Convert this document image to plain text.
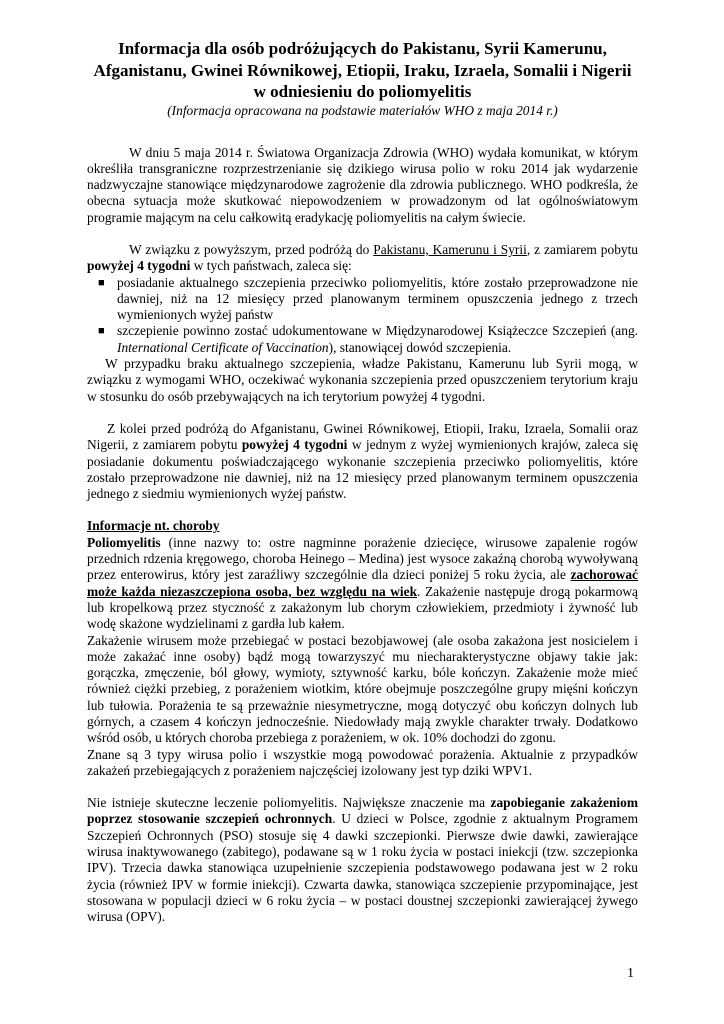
Informacja dla osób podróżujących do Pakistanu, Syrii Kamerunu,
Afganistanu, Gwinei Równikowej, Etiopii, Iraku, Izraela, Somalii i Nigerii
w odniesieniu do poliomyelitis
(Informacja opracowana na podstawie materiałów WHO z maja 2014 r.)

W dniu 5 maja 2014 r. Światowa Organizacja Zdrowia (WHO) wydała komunikat, w którym określiła transgraniczne rozprzestrzenianie się dzikiego wirusa polio w roku 2014 jak wydarzenie nadzwyczajne stanowiące międzynarodowe zagrożenie dla zdrowia publicznego. WHO podkreśla, że obecna sytuacja może skutkować niepowodzeniem w prowadzonym od lat ogólnoświatowym programie mającym na celu całkowitą eradykację poliomyelitis na całym świecie.

W związku z powyższym, przed podróżą do Pakistanu, Kamerunu i Syrii, z zamiarem pobytu powyżej 4 tygodni w tych państwach, zaleca się:

■ posiadanie aktualnego szczepienia przeciwko poliomyelitis, które zostało przeprowadzone nie dawniej, niż na 12 miesięcy przed planowanym terminem opuszczenia jednego z trzech wymienionych wyżej państw
■ szczepienie powinno zostać udokumentowane w Międzynarodowej Książeczce Szczepień (ang. International Certificate of Vaccination), stanowiącej dowód szczepienia.

W przypadku braku aktualnego szczepienia, władze Pakistanu, Kamerunu lub Syrii mogą, w związku z wymogami WHO, oczekiwać wykonania szczepienia przed opuszczeniem terytorium kraju w stosunku do osób przebywających na ich terytorium powyżej 4 tygodni.

Z kolei przed podróżą do Afganistanu, Gwinei Równikowej, Etiopii, Iraku, Izraela, Somalii oraz Nigerii, z zamiarem pobytu powyżej 4 tygodni w jednym z wyżej wymienionych krajów, zaleca się posiadanie dokumentu poświadczającego wykonanie szczepienia przeciwko poliomyelitis, które zostało przeprowadzone nie dawniej, niż na 12 miesięcy przed planowanym terminem opuszczenia jednego z siedmiu wymienionych wyżej państw.

Informacje nt. choroby

Poliomyelitis (inne nazwy to: ostre nagminne porażenie dziecięce, wirusowe zapalenie rogów przednich rdzenia kręgowego, choroba Heinego – Medina) jest wysoce zakaźną chorobą wywoływaną przez enterowirus, który jest zaraźliwy szczególnie dla dzieci poniżej 5 roku życia, ale zachorować może każda niezaszczepiona osoba, bez względu na wiek. Zakażenie następuje drogą pokarmową lub kropelkową przez styczność z zakażonym lub chorym człowiekiem, przedmioty i żywność lub wodę skażone wydzielinami z gardła lub kałem.

Zakażenie wirusem może przebiegać w postaci bezobjawowej (ale osoba zakażona jest nosicielem i może zakażać inne osoby) bądź mogą towarzyszyć mu niecharakterystyczne objawy takie jak: gorączka, zmęczenie, ból głowy, wymioty, sztywność karku, bóle kończyn. Zakażenie może mieć również ciężki przebieg, z porażeniem wiotkim, które obejmuje poszczególne grupy mięśni kończyn lub tułowia. Porażenia te są przeważnie niesymetryczne, mogą dotyczyć obu kończyn dolnych lub górnych, a czasem 4 kończyn jednocześnie. Niedowłady mają zwykle charakter trwały. Dodatkowo wśród osób, u których choroba przebiega z porażeniem, w ok. 10% dochodzi do zgonu.

Znane są 3 typy wirusa polio i wszystkie mogą powodować porażenia. Aktualnie z przypadków zakażeń przebiegających z porażeniem najczęściej izolowany jest typ dziki WPV1.

Nie istnieje skuteczne leczenie poliomyelitis. Największe znaczenie ma zapobieganie zakażeniom poprzez stosowanie szczepień ochronnych. U dzieci w Polsce, zgodnie z aktualnym Programem Szczepień Ochronnych (PSO) stosuje się 4 dawki szczepionki. Pierwsze dwie dawki, zawierające wirusa inaktywowanego (zabitego), podawane są w 1 roku życia w postaci iniekcji (tzw. szczepionka IPV). Trzecia dawka stanowiąca uzupełnienie szczepienia podstawowego podawana jest w 2 roku życia (również IPV w formie iniekcji). Czwarta dawka, stanowiąca szczepienie przypominające, jest stosowana w populacji dzieci w 6 roku życia – w postaci doustnej szczepionki zawierającej żywego wirusa (OPV).

1
